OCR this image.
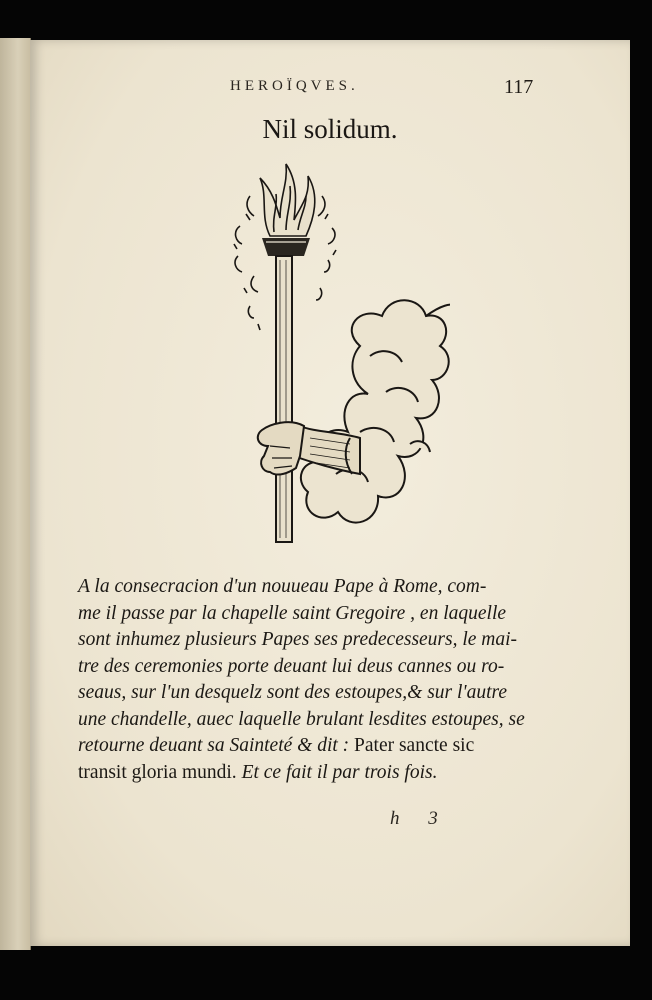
HEROÏQVES.	117
Nil solidum.
A la consecracion d'un nouueau Pape à Rome, com-
me il passe par la chapelle saint Gregoire , en laquelle
sont inhumez plusieurs Papes ses predecesseurs, le mai-
tre des ceremonies porte deuant lui deus cannes ou ro-
seaus, sur l'un desquelz sont des estoupes,& sur l'autre
une chandelle, auec laquelle brulant lesdites estoupes, se
retourne deuant sa Sainteté & dit : Pater sancte sic
transit gloria mundi. Et ce fait il par trois fois.
h 3
